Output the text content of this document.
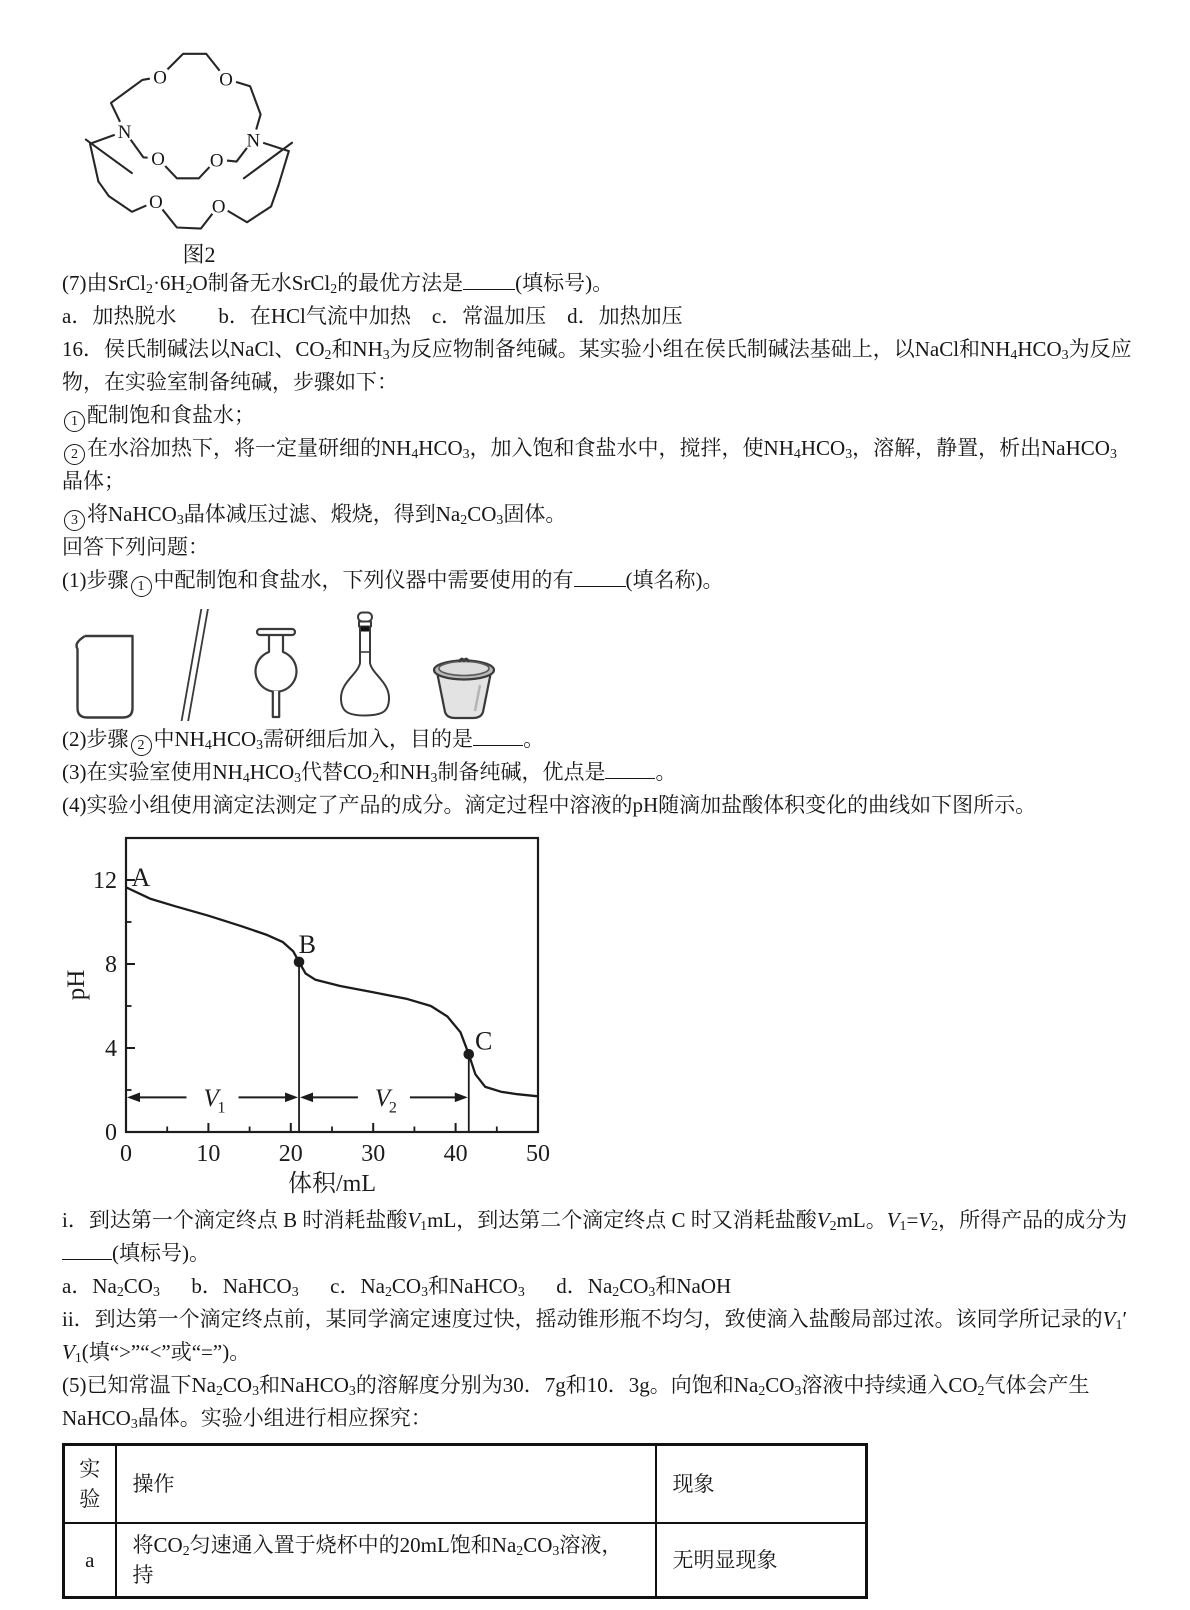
O	O
N	N
O O
O	O
图2

(7)由$SrCl_2\cdot 6H_2O$制备无水SrCl$_2$的最优方法是 (填标号)。

a．加热脱水        b．在HCl气流中加热    c．常温加压    d．加热加压

16．侯氏制碱法以NaCl、$CO_2$和$NH_3$为反应物制备纯碱。某实验小组在侯氏制碱法基础上，以NaCl和$NH_4HCO_3$为反应物，在实验室制备纯碱，步骤如下：

1 配制饱和食盐水；

2 在水浴加热下，将一定量研细的$NH_4HCO_3$，加入饱和食盐水中，搅拌，使$NH_4HCO_3$，溶解，静置，析出NaHCO$_3$晶体；

3 将NaHCO$_3$晶体减压过滤、煅烧，得到$Na_2CO_3$固体。

回答下列问题：

(1)步骤 1 中配制饱和食盐水，下列仪器中需要使用的有 (填名称)。

(2)步骤 2 中$NH_4HCO_3$需研细后加入，目的是 。

(3)在实验室使用$NH_4HCO_3$代替$CO_2$和$NH_3$制备纯碱，优点是 。

(4)实验小组使用滴定法测定了产品的成分。滴定过程中溶液的pH随滴加盐酸体积变化的曲线如下图所示。

0	10 20 30 40 50
0
4
8
12
pH
体积/mL
V
1	V
2
A
B
C

i．到达第一个滴定终点 B 时消耗盐酸$V_1mL$，到达第二个滴定终点 C 时又消耗盐酸$V_2mL$。$V_1=V_2$，所得产品的成分为(填标号)。

a．$Na_2CO_3$      b．NaHCO$_3$      c．$Na_2CO_3$和NaHCO$_3$      d．$Na_2CO_3$和NaOH

ii．到达第一个滴定终点前，某同学滴定速度过快，摇动锥形瓶不均匀，致使滴入盐酸局部过浓。该同学所记录的$V_1'$ $V_1$(填“>”“<”或“=”)。

(5)已知常温下$Na_2CO_3$和NaHCO$_3$的溶解度分别为30．7g和10．3g。向饱和$Na_2CO_3$溶液中持续通入$CO_2$气体会产生NaHCO$_3$晶体。实验小组进行相应探究：

实验	操作	现象
a	将$CO_2$匀速通入置于烧杯中的20mL饱和$Na_2CO_3$溶液，持	无明显现象
